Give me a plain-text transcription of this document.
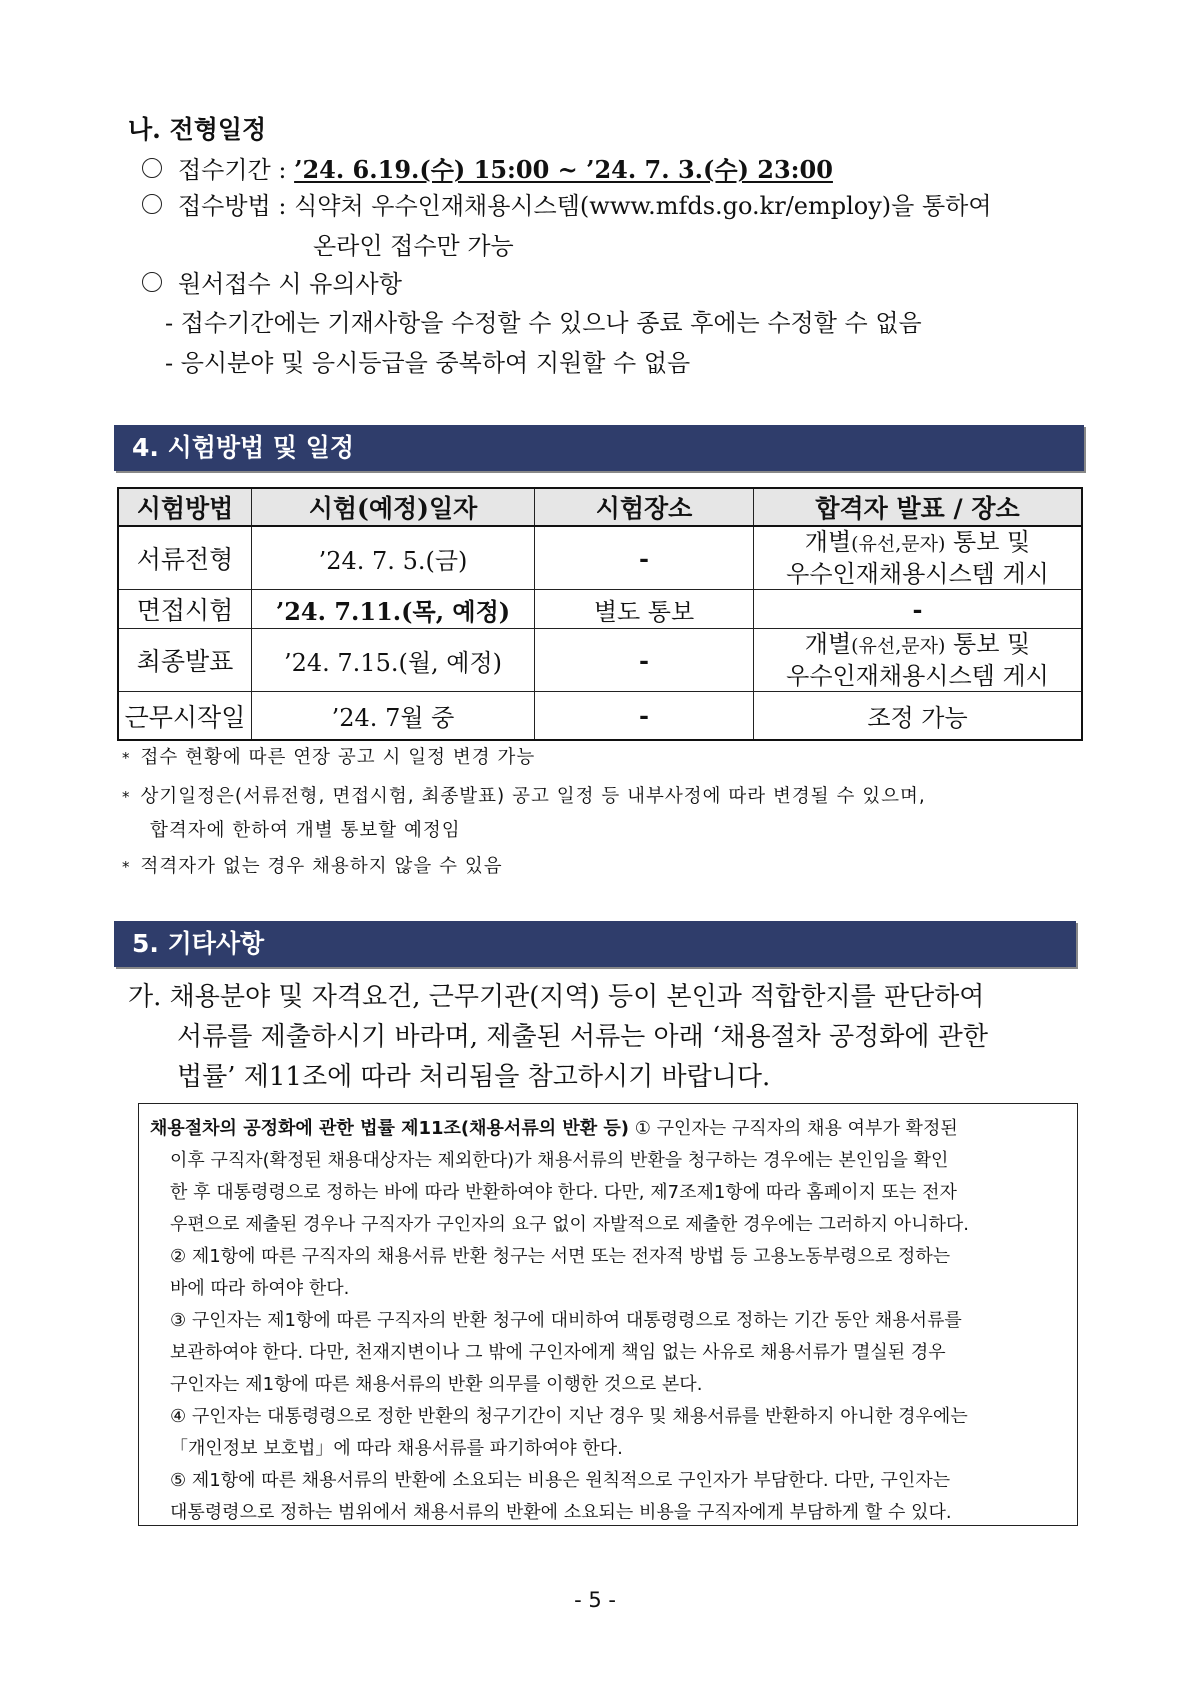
나. 전형일정
접수기간 : ’24. 6.19.(수) 15:00 ~ ’24. 7. 3.(수) 23:00
접수방법 : 식약처 우수인재채용시스템(www.mfds.go.kr/employ)을 통하여
온라인 접수만 가능
원서접수 시 유의사항
- 접수기간에는 기재사항을 수정할 수 있으나 종료 후에는 수정할 수 없음
- 응시분야 및 응시등급을 중복하여 지원할 수 없음
4. 시험방법 및 일정
시험방법	시험(예정)일자	시험장소	합격자 발표 / 장소
서류전형	’24. 7. 5.(금)	-	개별(유선,문자) 통보 및
우수인재채용시스템 게시
면접시험	’24. 7.11.(목, 예정)	별도 통보	-
최종발표	’24. 7.15.(월, 예정)	-	개별(유선,문자) 통보 및
우수인재채용시스템 게시
근무시작일	’24. 7월 중	-	조정 가능
* 접수 현황에 따른 연장 공고 시 일정 변경 가능
* 상기일정은(서류전형, 면접시험, 최종발표) 공고 일정 등 내부사정에 따라 변경될 수 있으며,
합격자에 한하여 개별 통보할 예정임
* 적격자가 없는 경우 채용하지 않을 수 있음
5. 기타사항
가. 채용분야 및 자격요건, 근무기관(지역) 등이 본인과 적합한지를 판단하여
서류를 제출하시기 바라며, 제출된 서류는 아래 ‘채용절차 공정화에 관한
법률’ 제11조에 따라 처리됨을 참고하시기 바랍니다.
채용절차의 공정화에 관한 법률 제11조(채용서류의 반환 등) ① 구인자는 구직자의 채용 여부가 확정된
이후 구직자(확정된 채용대상자는 제외한다)가 채용서류의 반환을 청구하는 경우에는 본인임을 확인
한 후 대통령령으로 정하는 바에 따라 반환하여야 한다. 다만, 제7조제1항에 따라 홈페이지 또는 전자
우편으로 제출된 경우나 구직자가 구인자의 요구 없이 자발적으로 제출한 경우에는 그러하지 아니하다.
② 제1항에 따른 구직자의 채용서류 반환 청구는 서면 또는 전자적 방법 등 고용노동부령으로 정하는
바에 따라 하여야 한다.
③ 구인자는 제1항에 따른 구직자의 반환 청구에 대비하여 대통령령으로 정하는 기간 동안 채용서류를
보관하여야 한다. 다만, 천재지변이나 그 밖에 구인자에게 책임 없는 사유로 채용서류가 멸실된 경우
구인자는 제1항에 따른 채용서류의 반환 의무를 이행한 것으로 본다.
④ 구인자는 대통령령으로 정한 반환의 청구기간이 지난 경우 및 채용서류를 반환하지 아니한 경우에는
「개인정보 보호법」에 따라 채용서류를 파기하여야 한다.
⑤ 제1항에 따른 채용서류의 반환에 소요되는 비용은 원칙적으로 구인자가 부담한다. 다만, 구인자는
대통령령으로 정하는 범위에서 채용서류의 반환에 소요되는 비용을 구직자에게 부담하게 할 수 있다.
- 5 -
